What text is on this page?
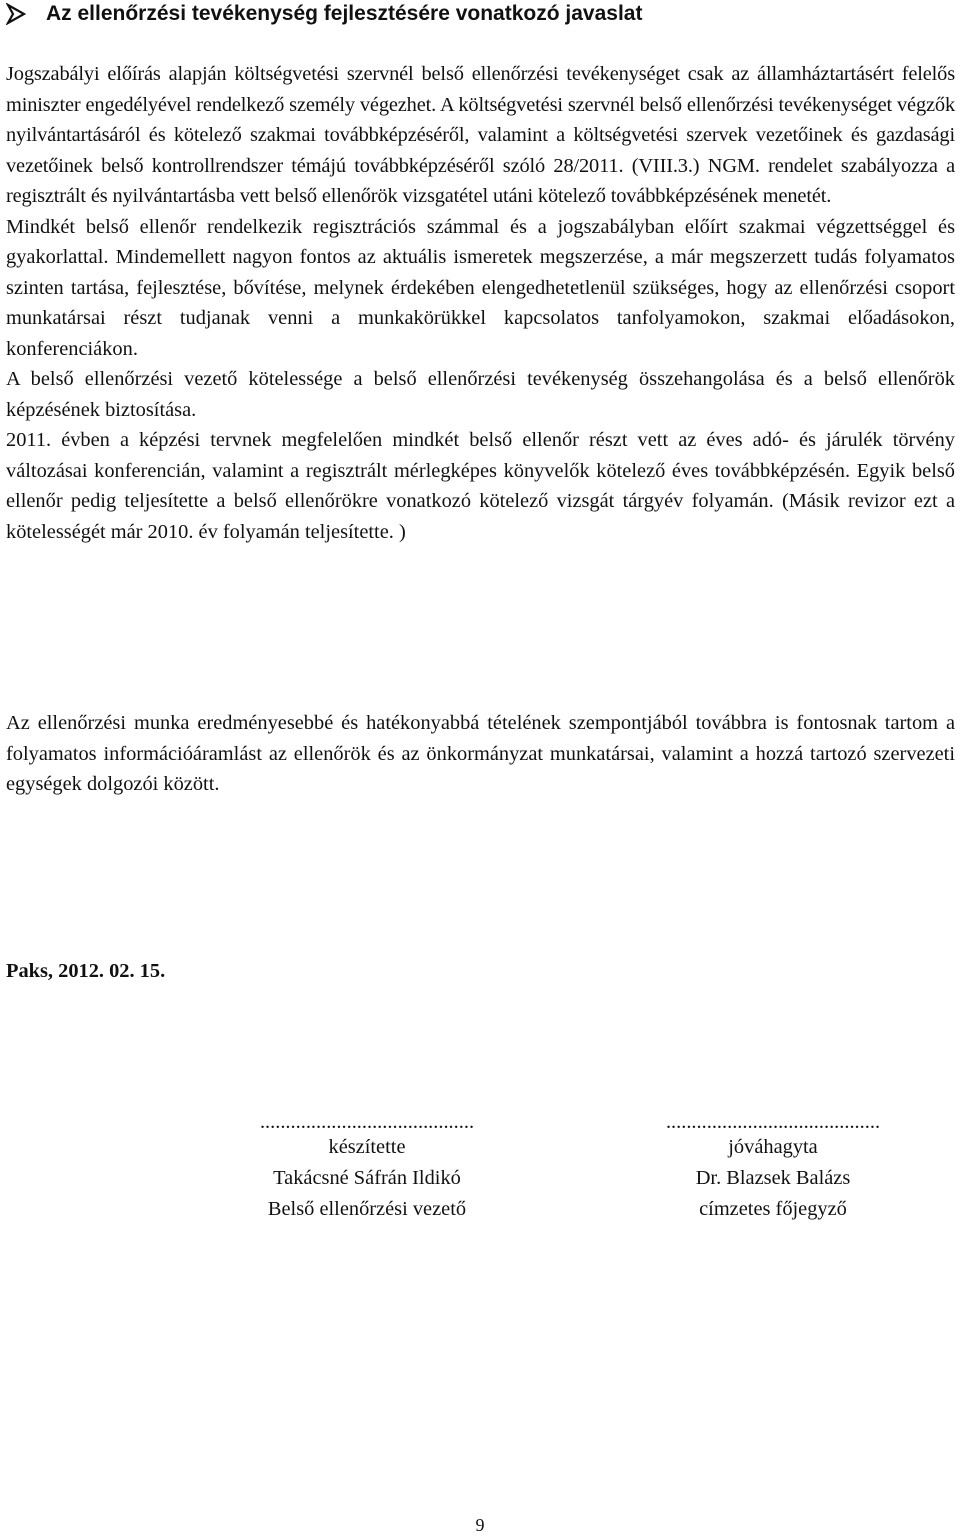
Az ellenőrzési tevékenység fejlesztésére vonatkozó javaslat

Jogszabályi előírás alapján költségvetési szervnél belső ellenőrzési tevékenységet csak az államháztartásért felelős miniszter engedélyével rendelkező személy végezhet. A költségvetési szervnél belső ellenőrzési tevékenységet végzők nyilvántartásáról és kötelező szakmai továbbképzéséről, valamint a költségvetési szervek vezetőinek és gazdasági vezetőinek belső kontrollrendszer témájú továbbképzéséről szóló 28/2011. (VIII.3.) NGM. rendelet szabályozza a regisztrált és nyilvántartásba vett belső ellenőrök vizsgatétel utáni kötelező továbbképzésének menetét.

Mindkét belső ellenőr rendelkezik regisztrációs számmal és a jogszabályban előírt szakmai végzettséggel és gyakorlattal. Mindemellett nagyon fontos az aktuális ismeretek megszerzése, a már megszerzett tudás folyamatos szinten tartása, fejlesztése, bővítése, melynek érdekében elengedhetetlenül szükséges, hogy az ellenőrzési csoport munkatársai részt tudjanak venni a munkakörükkel kapcsolatos tanfolyamokon, szakmai előadásokon, konferenciákon.

A belső ellenőrzési vezető kötelessége a belső ellenőrzési tevékenység összehangolása és a belső ellenőrök képzésének biztosítása.

2011. évben a képzési tervnek megfelelően mindkét belső ellenőr részt vett az éves adó- és járulék törvény változásai konferencián, valamint a regisztrált mérlegképes könyvelők kötelező éves továbbképzésén. Egyik belső ellenőr pedig teljesítette a belső ellenőrökre vonatkozó kötelező vizsgát tárgyév folyamán. (Másik revizor ezt a kötelességét már 2010. év folyamán teljesítette. )

Az ellenőrzési munka eredményesebbé és hatékonyabbá tételének szempontjából továbbra is fontosnak tartom a folyamatos információáramlást az ellenőrök és az önkormányzat munkatársai, valamint a hozzá tartozó szervezeti egységek dolgozói között.

Paks, 2012. 02. 15.
..........................................
készítette
Takácsné Sáfrán Ildikó
Belső ellenőrzési vezető
..........................................
jóváhagyta
Dr. Blazsek Balázs
címzetes főjegyző
9
